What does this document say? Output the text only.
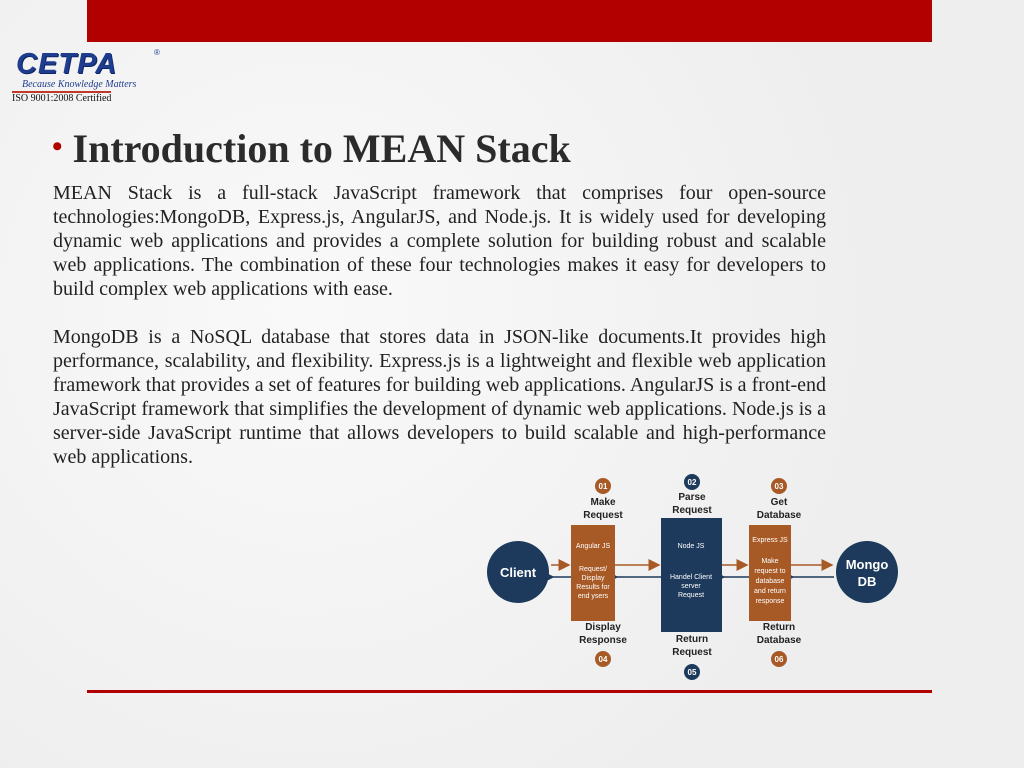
CETPA	®
Because Knowledge Matters
ISO 9001:2008 Certified
• Introduction to MEAN Stack
MEAN Stack is a full-stack JavaScript framework that comprises four open-source technologies:MongoDB, Express.js, AngularJS, and Node.js. It is widely used for developing dynamic web applications and provides a complete solution for building robust and scalable web applications. The combination of these four technologies makes it easy for developers to build complex web applications with ease.
MongoDB is a NoSQL database that stores data in JSON-like documents.It provides high performance, scalability, and flexibility. Express.js is a lightweight and flexible web application framework that provides a set of features for building web applications. AngularJS is a front-end JavaScript framework that simplifies the development of dynamic web applications. Node.js is a server-side JavaScript runtime that allows developers to build scalable and high-performance web applications.
Client
Mongo
DB
Angular JS
Request/
Display
Results for
end ysers
Node JS
Handel Client
server
Request
Express JS
Make
request to
database
and return
response
01
Make
Request
02
Parse
Request
03
Get
Database
Display
Response
04
Return
Request
05
Return
Database
06
